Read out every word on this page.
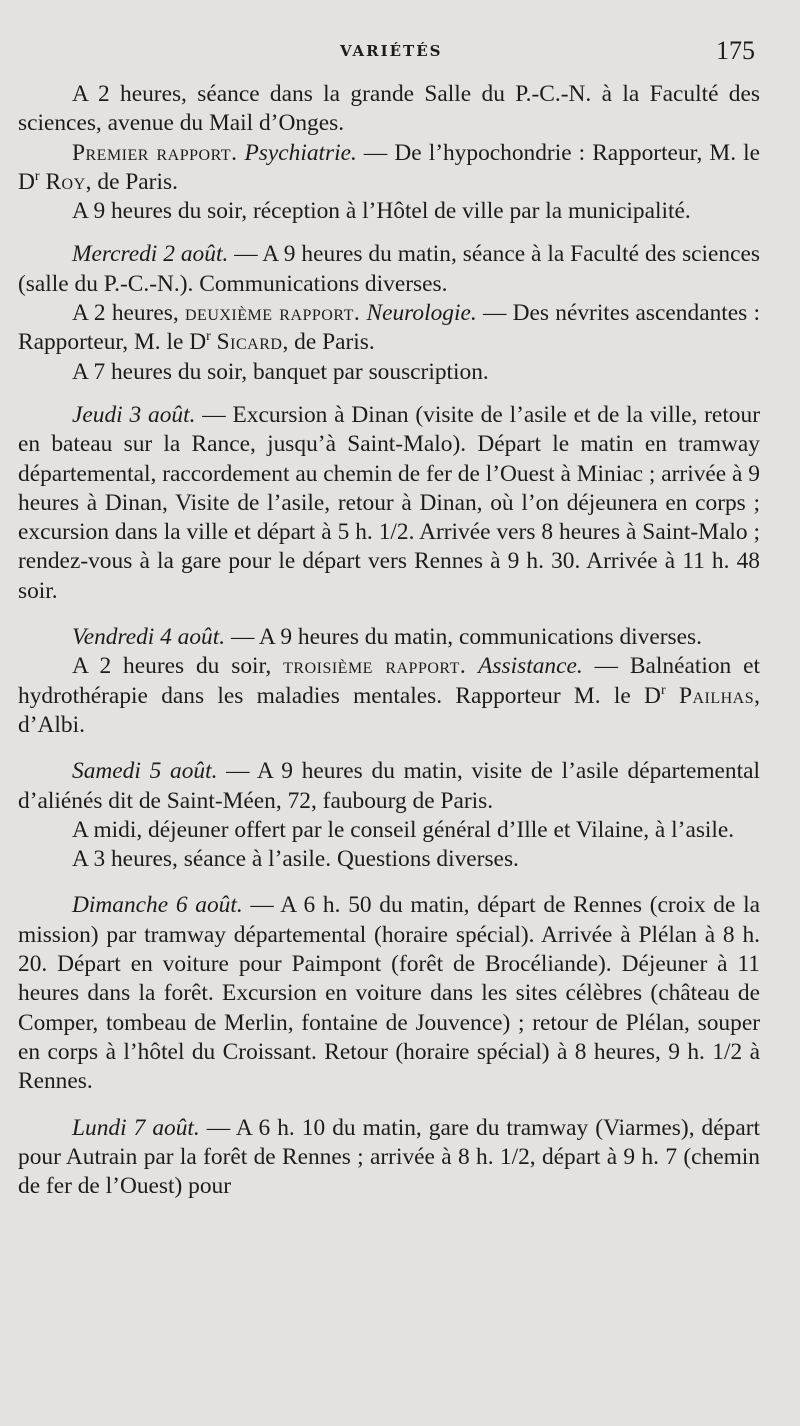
VARIÉTÉS	175

A 2 heures, séance dans la grande Salle du P.-C.-N. à la Faculté des sciences, avenue du Mail d’Onges.

Premier rapport. Psychiatrie. — De l’hypochondrie : Rapporteur, M. le $D^r$ Roy, de Paris.

A 9 heures du soir, réception à l’Hôtel de ville par la municipalité.

Mercredi 2 août. — A 9 heures du matin, séance à la Faculté des sciences (salle du P.-C.-N.). Communications diverses.

A 2 heures, deuxième rapport. Neurologie. — Des névrites ascendantes : Rapporteur, M. le $D^r$ Sicard, de Paris.

A 7 heures du soir, banquet par souscription.

Jeudi 3 août. — Excursion à Dinan (visite de l’asile et de la ville, retour en bateau sur la Rance, jusqu’à Saint-Malo). Départ le matin en tramway départemental, raccordement au chemin de fer de l’Ouest à Miniac ; arrivée à 9 heures à Dinan, Visite de l’asile, retour à Dinan, où l’on déjeunera en corps ; excursion dans la ville et départ à 5 h. 1/2. Arrivée vers 8 heures à Saint-Malo ; rendez-vous à la gare pour le départ vers Rennes à 9 h. 30. Arrivée à 11 h. 48 soir.

Vendredi 4 août. — A 9 heures du matin, communications diverses.

A 2 heures du soir, troisième rapport. Assistance. — Balnéation et hydrothérapie dans les maladies mentales. Rapporteur M. le $D^r$ Pailhas, d’Albi.

Samedi 5 août. — A 9 heures du matin, visite de l’asile départemental d’aliénés dit de Saint-Méen, 72, faubourg de Paris.

A midi, déjeuner offert par le conseil général d’Ille et Vilaine, à l’asile.

A 3 heures, séance à l’asile. Questions diverses.

Dimanche 6 août. — A 6 h. 50 du matin, départ de Rennes (croix de la mission) par tramway départemental (horaire spécial). Arrivée à Plélan à 8 h. 20. Départ en voiture pour Paimpont (forêt de Brocéliande). Déjeuner à 11 heures dans la forêt. Excursion en voiture dans les sites célèbres (château de Comper, tombeau de Merlin, fontaine de Jouvence) ; retour de Plélan, souper en corps à l’hôtel du Croissant. Retour (horaire spécial) à 8 heures, 9 h. 1/2 à Rennes.

Lundi 7 août. — A 6 h. 10 du matin, gare du tramway (Viarmes), départ pour Autrain par la forêt de Rennes ; arrivée à 8 h. 1/2, départ à 9 h. 7 (chemin de fer de l’Ouest) pour
